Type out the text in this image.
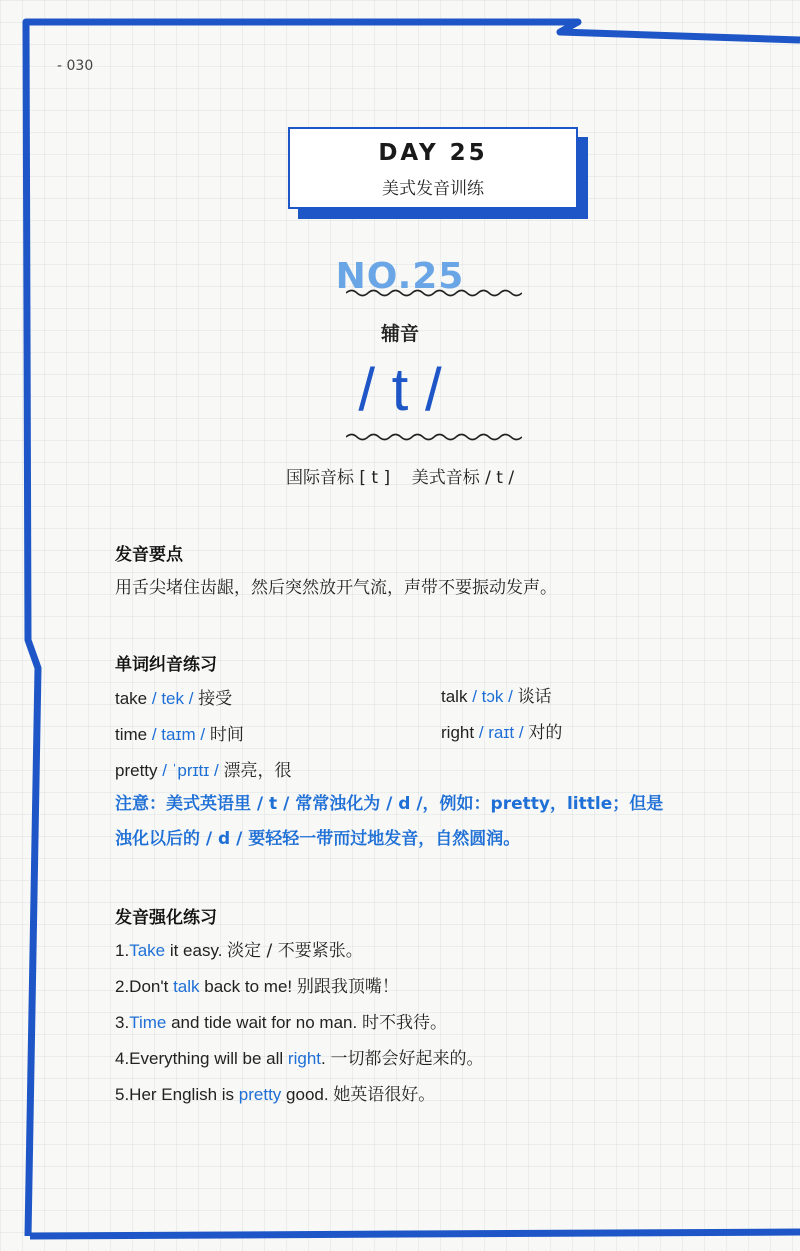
- 030
DAY 25
美式发音训练
NO.25
辅音
/ t /
国际音标 [ t ]    美式音标 / t /
发音要点
用舌尖堵住齿龈，然后突然放开气流，声带不要振动发声。
单词纠音练习
take / tek / 接受	talk / tɔk / 谈话
time / taɪm / 时间	right / raɪt / 对的
pretty / ˈprɪtɪ / 漂亮，很
注意：美式英语里 / t / 常常浊化为 / d /，例如：pretty，little；但是
浊化以后的 / d / 要轻轻一带而过地发音，自然圆润。
发音强化练习
1.Take it easy. 淡定 / 不要紧张。
2.Don't talk back to me! 别跟我顶嘴！
3.Time and tide wait for no man. 时不我待。
4.Everything will be all right. 一切都会好起来的。
5.Her English is pretty good. 她英语很好。
